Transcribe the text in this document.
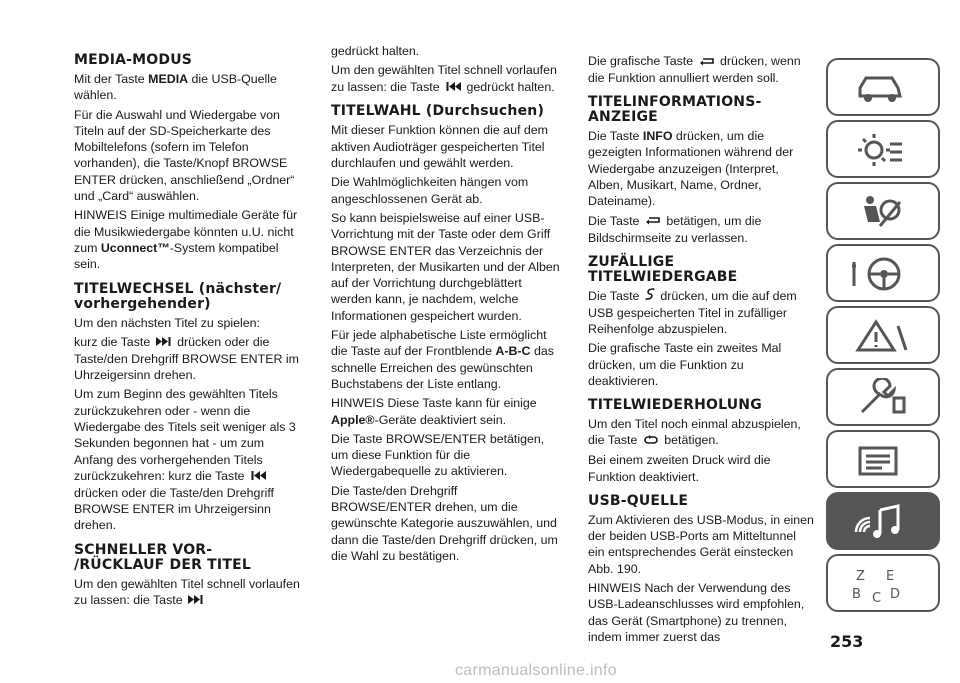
MEDIA-MODUS

Mit der Taste MEDIA die USB-Quelle wählen.

Für die Auswahl und Wiedergabe von Titeln auf der SD-Speicherkarte des Mobiltelefons (sofern im Telefon vorhanden), die Taste/Knopf BROWSE ENTER drücken, anschließend „Ordner“ und „Card“ auswählen.

HINWEIS Einige multimediale Geräte für die Musikwiedergabe könnten u.U. nicht zum Uconnect™-System kompatibel sein.

TITELWECHSEL (nächster/ vorhergehender)

Um den nächsten Titel zu spielen:

kurz die Taste  drücken oder die Taste/den Drehgriff BROWSE ENTER im Uhrzeigersinn drehen.

Um zum Beginn des gewählten Titels zurückzukehren oder - wenn die Wiedergabe des Titels seit weniger als 3 Sekunden begonnen hat - um zum Anfang des vorhergehenden Titels zurückzukehren: kurz die Taste  drücken oder die Taste/den Drehgriff BROWSE ENTER im Uhrzeigersinn drehen.

SCHNELLER VOR- /RÜCKLAUF DER TITEL

Um den gewählten Titel schnell vorlaufen zu lassen: die Taste

gedrückt halten.

Um den gewählten Titel schnell vorlaufen zu lassen: die Taste  gedrückt halten.

TITELWAHL (Durchsuchen)

Mit dieser Funktion können die auf dem aktiven Audioträger gespeicherten Titel durchlaufen und gewählt werden.

Die Wahlmöglichkeiten hängen vom angeschlossenen Gerät ab.

So kann beispielsweise auf einer USB-Vorrichtung mit der Taste oder dem Griff BROWSE ENTER das Verzeichnis der Interpreten, der Musikarten und der Alben auf der Vorrichtung durchgeblättert werden kann, je nachdem, welche Informationen gespeichert wurden.

Für jede alphabetische Liste ermöglicht die Taste auf der Frontblende A-B-C das schnelle Erreichen des gewünschten Buchstabens der Liste entlang.

HINWEIS Diese Taste kann für einige Apple®-Geräte deaktiviert sein.

Die Taste BROWSE/ENTER betätigen, um diese Funktion für die Wiedergabequelle zu aktivieren.

Die Taste/den Drehgriff BROWSE/ENTER drehen, um die gewünschte Kategorie auszuwählen, und dann die Taste/den Drehgriff drücken, um die Wahl zu bestätigen.

Die grafische Taste  drücken, wenn die Funktion annulliert werden soll.

TITELINFORMATIONS-ANZEIGE

Die Taste INFO drücken, um die gezeigten Informationen während der Wiedergabe anzuzeigen (Interpret, Alben, Musikart, Name, Ordner, Dateiname).

Die Taste  betätigen, um die Bildschirmseite zu verlassen.

ZUFÄLLIGE TITELWIEDERGABE

Die Taste  drücken, um die auf dem USB gespeicherten Titel in zufälliger Reihenfolge abzuspielen.

Die grafische Taste ein zweites Mal drücken, um die Funktion zu deaktivieren.

TITELWIEDERHOLUNG

Um den Titel noch einmal abzuspielen,

die Taste  betätigen.

Bei einem zweiten Druck wird die Funktion deaktiviert.

USB-QUELLE

Zum Aktivieren des USB-Modus, in einen der beiden USB-Ports am Mitteltunnel ein entsprechendes Gerät einstecken Abb. 190.

HINWEIS Nach der Verwendung des USB-Ladeanschlusses wird empfohlen, das Gerät (Smartphone) zu trennen, indem immer zuerst das

Z E
B C D
253
carmanualsonline.info
